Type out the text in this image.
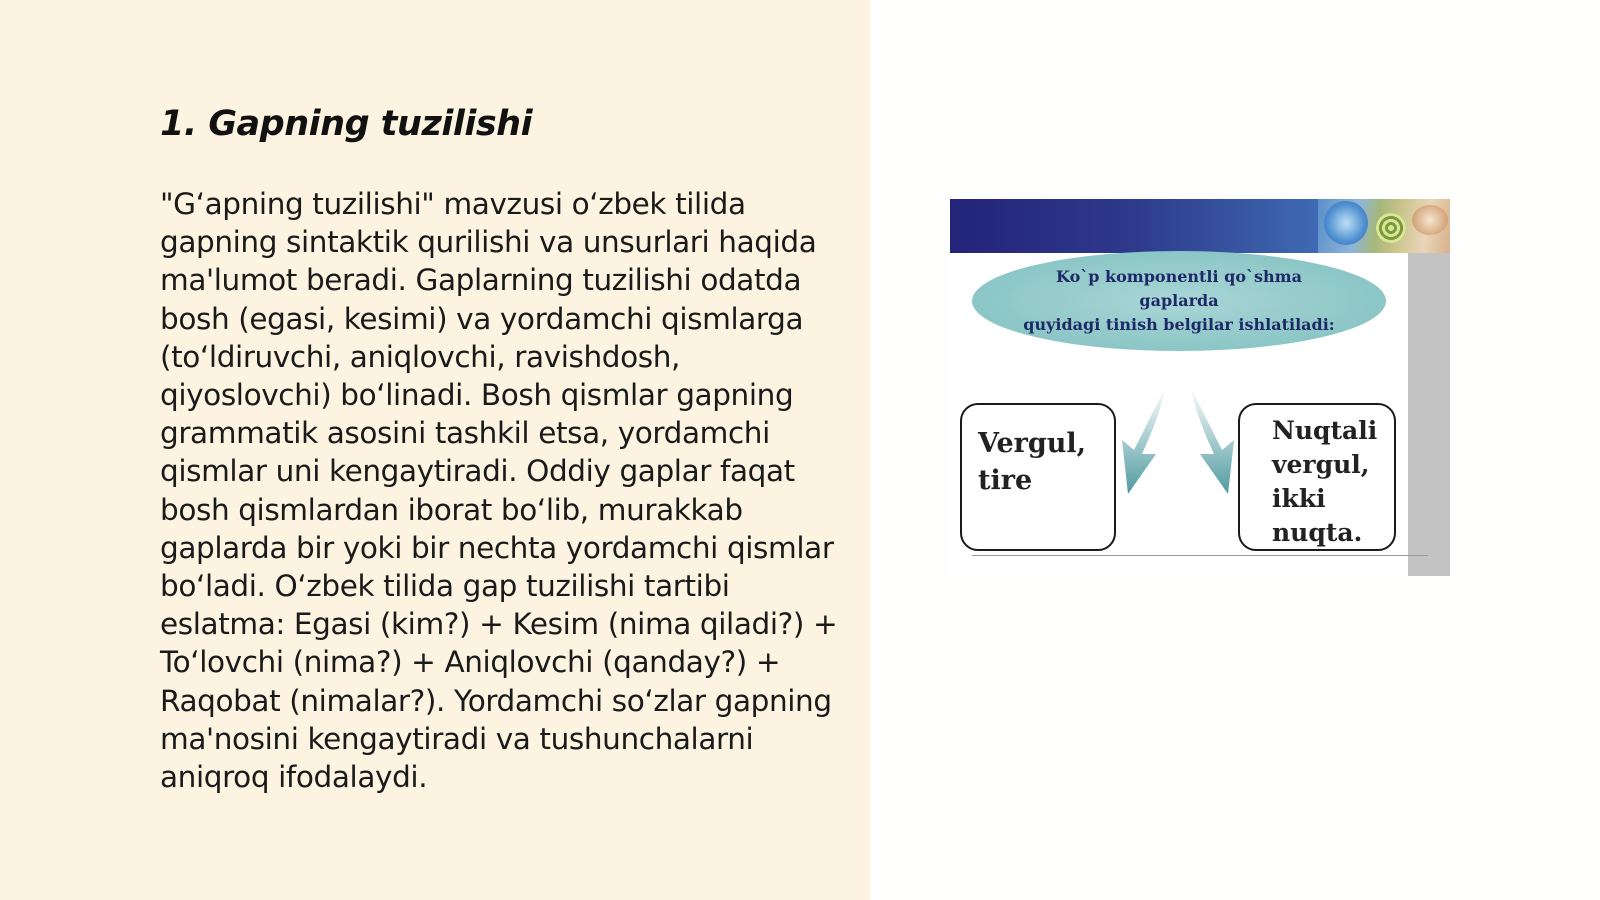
1. Gapning tuzilishi

"G‘apning tuzilishi" mavzusi o‘zbek tilida gapning sintaktik qurilishi va unsurlari haqida ma'lumot beradi. Gaplarning tuzilishi odatda bosh (egasi, kesimi) va yordamchi qismlarga (to‘ldiruvchi, aniqlovchi, ravishdosh, qiyoslovchi) bo‘linadi. Bosh qismlar gapning grammatik asosini tashkil etsa, yordamchi qismlar uni kengaytiradi. Oddiy gaplar faqat bosh qismlardan iborat bo‘lib, murakkab gaplarda bir yoki bir nechta yordamchi qismlar bo‘ladi. O‘zbek tilida gap tuzilishi tartibi eslatma: Egasi (kim?) + Kesim (nima qiladi?) + To‘lovchi (nima?) + Aniqlovchi (qanday?) + Raqobat (nimalar?). Yordamchi so‘zlar gapning ma'nosini kengaytiradi va tushunchalarni aniqroq ifodalaydi.

Ko`p komponentli qo`shma gaplarda
quyidagi tinish belgilar ishlatiladi:
Vergul,
tire
Nuqtali
vergul,
ikki
nuqta.
